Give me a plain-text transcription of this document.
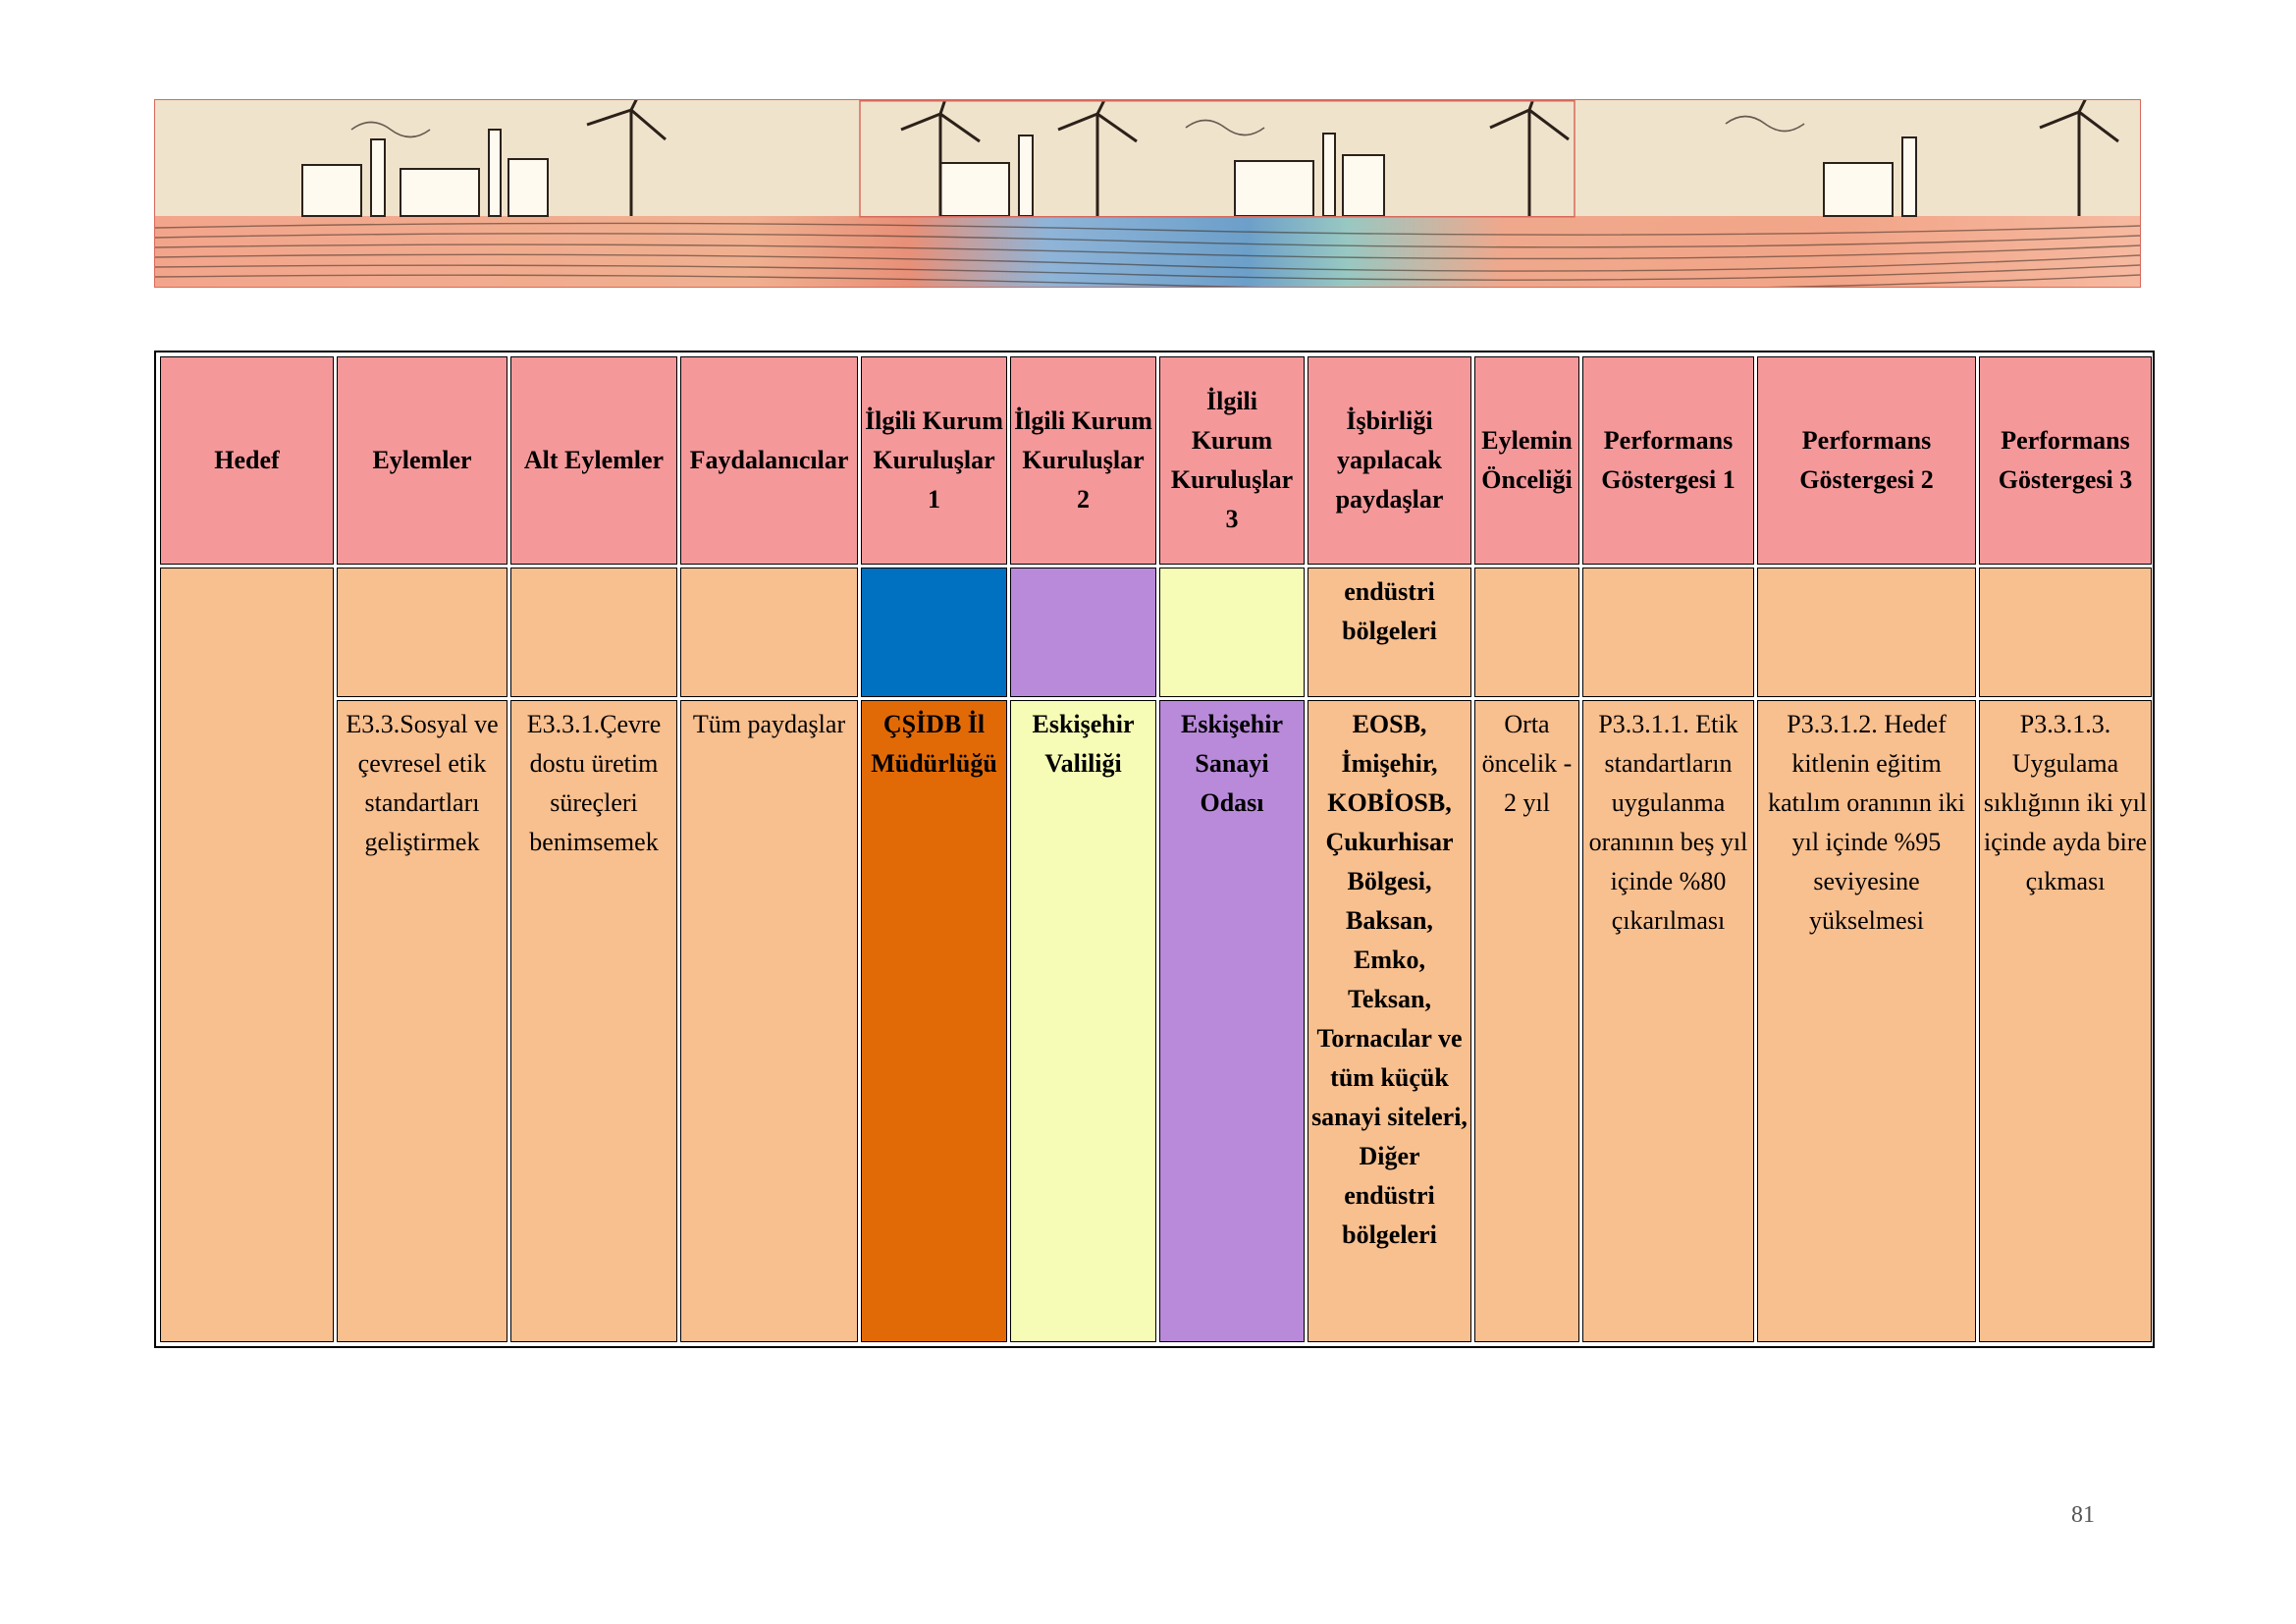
Hedef	Eylemler	Alt Eylemler	Faydalanıcılar	İlgili Kurum Kuruluşlar 1	İlgili Kurum Kuruluşlar 2	İlgili Kurum Kuruluşlar 3	İşbirliği yapılacak paydaşlar	Eylemin Önceliği	Performans Göstergesi 1	Performans Göstergesi 2	Performans Göstergesi 3
							endüstri bölgeleri				
	E3.3.Sosyal ve çevresel etik standartları geliştirmek	E3.3.1.Çevre dostu üretim süreçleri benimsemek	Tüm paydaşlar	ÇŞİDB İl Müdürlüğü	Eskişehir Valiliği	Eskişehir Sanayi Odası	EOSB, İmişehir, KOBİOSB, Çukurhisar Bölgesi, Baksan, Emko, Teksan, Tornacılar ve tüm küçük sanayi siteleri, Diğer endüstri bölgeleri	Orta öncelik - 2 yıl	P3.3.1.1. Etik standartların uygulanma oranının beş yıl içinde %80 çıkarılması	P3.3.1.2. Hedef kitlenin eğitim katılım oranının iki yıl içinde %95 seviyesine yükselmesi	P3.3.1.3. Uygulama sıklığının iki yıl içinde ayda bire çıkması
81
